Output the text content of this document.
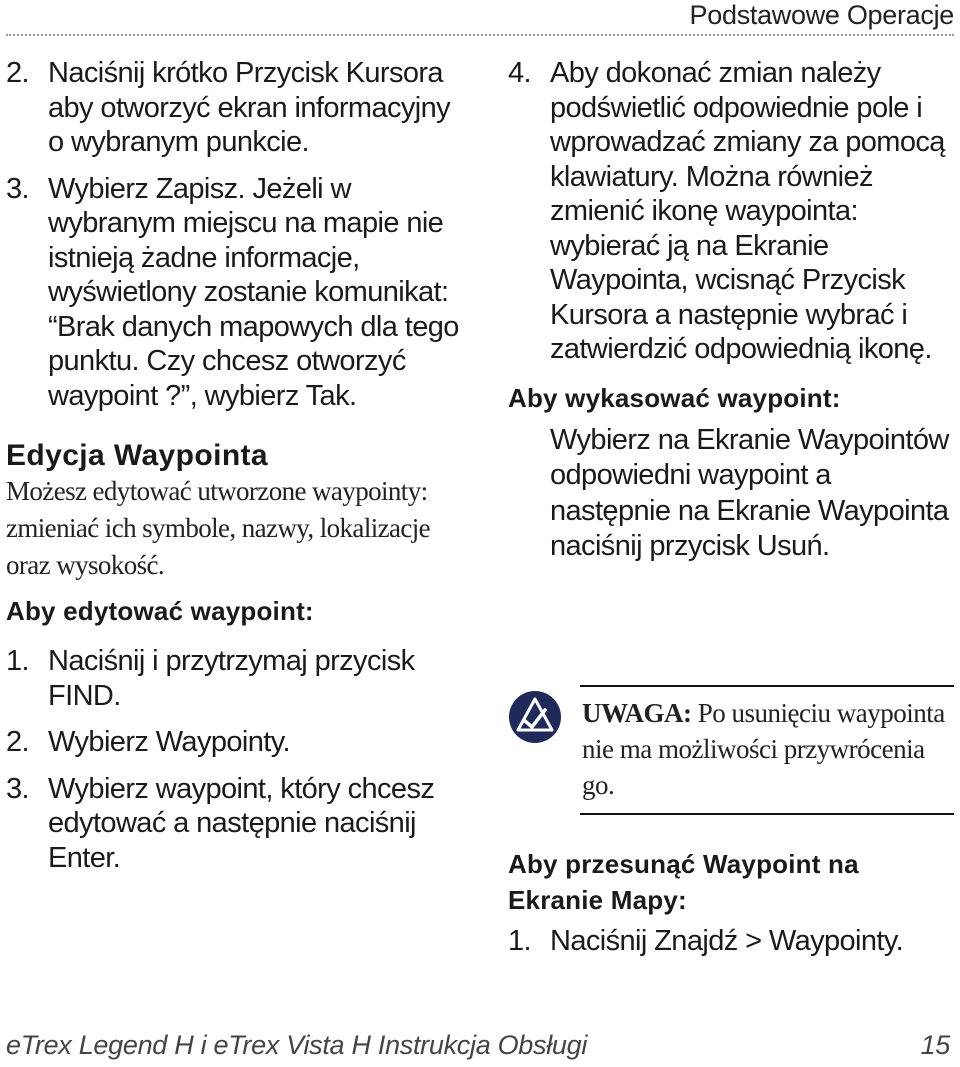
Podstawowe Operacje
2. Naciśnij krótko Przycisk Kursora aby otworzyć ekran informacyjny o wybranym punkcie.
3. Wybierz Zapisz. Jeżeli w wybranym miejscu na mapie nie istnieją żadne informacje, wyświetlony zostanie komunikat: “Brak danych mapowych dla tego punktu. Czy chcesz otworzyć waypoint ?”, wybierz Tak.
Edycja Waypointa
Możesz edytować utworzone waypointy: zmieniać ich symbole, nazwy, lokalizacje oraz wysokość.
Aby edytować waypoint:
1. Naciśnij i przytrzymaj przycisk FIND.
2. Wybierz Waypointy.
3. Wybierz waypoint, który chcesz edytować a następnie naciśnij Enter.
4. Aby dokonać zmian należy podświetlić odpowiednie pole i wprowadzać zmiany za pomocą klawiatury. Można również zmienić ikonę waypointa: wybierać ją na Ekranie Waypointa, wcisnąć Przycisk Kursora a następnie wybrać i zatwierdzić odpowiednią ikonę.
Aby wykasować waypoint:
Wybierz na Ekranie Waypointów odpowiedni waypoint a następnie na Ekranie Waypointa naciśnij przycisk Usuń.
UWAGA: Po usunięciu waypointa nie ma możliwości przywrócenia go.
Aby przesunąć Waypoint na Ekranie Mapy:
1. Naciśnij Znajdź > Waypointy.
eTrex Legend H i eTrex Vista H Instrukcja Obsługi	15
